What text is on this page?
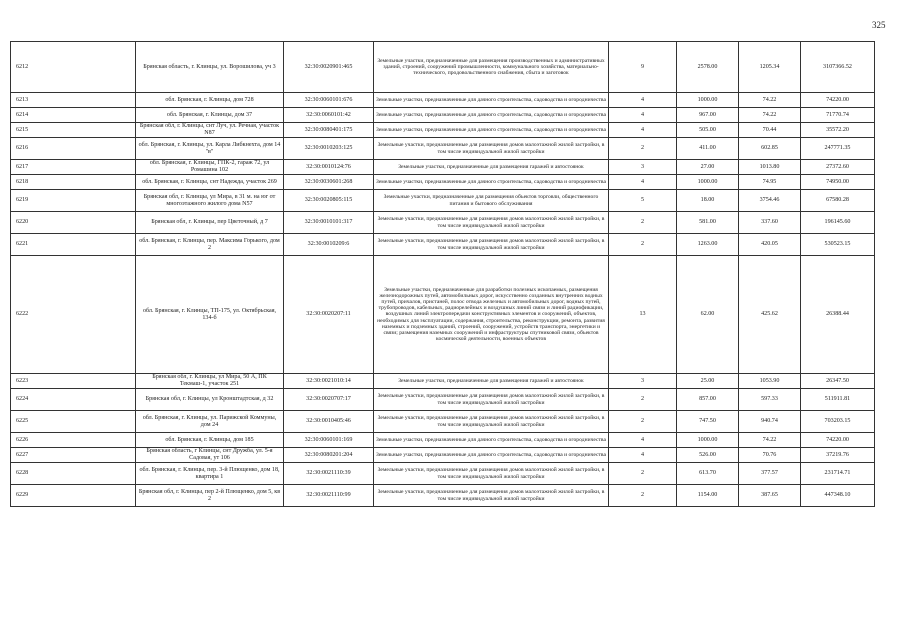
325
6212	Брянская область, г. Клинцы, ул. Ворошилова, уч 3	32:30:0020901:465	Земельные участки, предназначенные для размещения производственных и административных зданий, строений, сооружений промышленности, коммунального хозяйства, материально-технического, продовольственного снабжения, сбыта и заготовок	9	2578.00	1205.34	3107366.52
6213	обл. Брянская, г. Клинцы, дом 728	32:30:0060101:676	Земельные участки, предназначенные для дачного строительства, садоводства и огородничества	4	1000.00	74.22	74220.00
6214	обл. Брянская, г. Клинцы, дом 37	32:30:0060101:42	Земельные участки, предназначенные для дачного строительства, садоводства и огородничества	4	967.00	74.22	71770.74
6215	Брянская обл, г. Клинцы, снт Луч, ул. Речная, участок N87	32:30:0080401:175	Земельные участки, предназначенные для дачного строительства, садоводства и огородничества	4	505.00	70.44	35572.20
6216	обл. Брянская, г. Клинцы, ул. Карла Либкнехта, дом 14 "в"	32:30:0010203:125	Земельные участки, предназначенные для размещения домов малоэтажной жилой застройки, в том числе индивидуальной жилой застройки	2	411.00	602.85	247771.35
6217	обл. Брянская, г. Клинцы, ГПК-2, гараж 72, ул Ромашина 102	32:30:0010124:76	Земельные участки, предназначенные для размещения гаражей и автостоянок	3	27.00	1013.80	27372.60
6218	обл. Брянская, г. Клинцы, снт Надежда, участок 269	32:30:0030601:268	Земельные участки, предназначенные для дачного строительства, садоводства и огородничества	4	1000.00	74.95	74950.00
6219	Брянская обл, г. Клинцы, ул Мира, в 31 м. на юг от многоэтажного жилого дома N57	32:30:0020805:115	Земельные участки, предназначенные для размещения объектов торговли, общественного питания и бытового обслуживания	5	18.00	3754.46	67580.28
6220	Брянская обл, г. Клинцы, пер Цветочный, д 7	32:30:0010101:317	Земельные участки, предназначенные для размещения домов малоэтажной жилой застройки, в том числе индивидуальной жилой застройки	2	581.00	337.60	196145.60
6221	обл. Брянская, г. Клинцы, пер. Максима Горького, дом 2	32:30:0010209:6	Земельные участки, предназначенные для размещения домов малоэтажной жилой застройки, в том числе индивидуальной жилой застройки	2	1263.00	420.05	530523.15
6222	обл. Брянская, г. Клинцы, ТП-175, ул. Октябрьская, 134-б	32:30:0020207:11	Земельные участки, предназначенные для разработки полезных ископаемых, размещения железнодорожных путей, автомобильных дорог, искусственно созданных внутренних водных путей, причалов, пристаней, полос отвода железных и автомобильных дорог, водных путей, трубопроводов, кабельных, радиорелейных и воздушных линий связи и линий радиофикации, воздушных линий электропередачи конструктивных элементов и сооружений, объектов, необходимых для эксплуатации, содержания, строительства, реконструкции, ремонта, развития наземных и подземных зданий, строений, сооружений, устройств транспорта, энергетики и связи; размещения наземных сооружений и инфраструктуры спутниковой связи, объектов космической деятельности, военных объектов	13	62.00	425.62	26388.44
6223	Брянская обл, г. Клинцы, ул Мира, 50 А, ПК Текмаш-1, участок 251	32:30:0021010:14	Земельные участки, предназначенные для размещения гаражей и автостоянок	3	25.00	1053.90	26347.50
6224	Брянская обл, г. Клинцы, ул Кронштадтская, д 32	32:30:0020707:17	Земельные участки, предназначенные для размещения домов малоэтажной жилой застройки, в том числе индивидуальной жилой застройки	2	857.00	597.33	511911.81
6225	обл. Брянская, г. Клинцы, ул. Парижской Коммуны, дом 24	32:30:0010405:46	Земельные участки, предназначенные для размещения домов малоэтажной жилой застройки, в том числе индивидуальной жилой застройки	2	747.50	940.74	703203.15
6226	обл. Брянская, г. Клинцы, дом 185	32:30:0060101:169	Земельные участки, предназначенные для дачного строительства, садоводства и огородничества	4	1000.00	74.22	74220.00
6227	Брянская область, г Клинцы, снт Дружба, ул. 5-я Садовая, ут 106	32:30:0080201:204	Земельные участки, предназначенные для дачного строительства, садоводства и огородничества	4	526.00	70.76	37219.76
6228	обл. Брянская, г. Клинцы, пер. 3-й Плющенко, дом 18, квартира 1	32:30:0021110:39	Земельные участки, предназначенные для размещения домов малоэтажной жилой застройки, в том числе индивидуальной жилой застройки	2	613.70	377.57	231714.71
6229	Брянская обл, г. Клинцы, пер 2-й Плющенко, дом 5, кв 2	32:30:0021110:99	Земельные участки, предназначенные для размещения домов малоэтажной жилой застройки, в том числе индивидуальной жилой застройки	2	1154.00	387.65	447348.10
